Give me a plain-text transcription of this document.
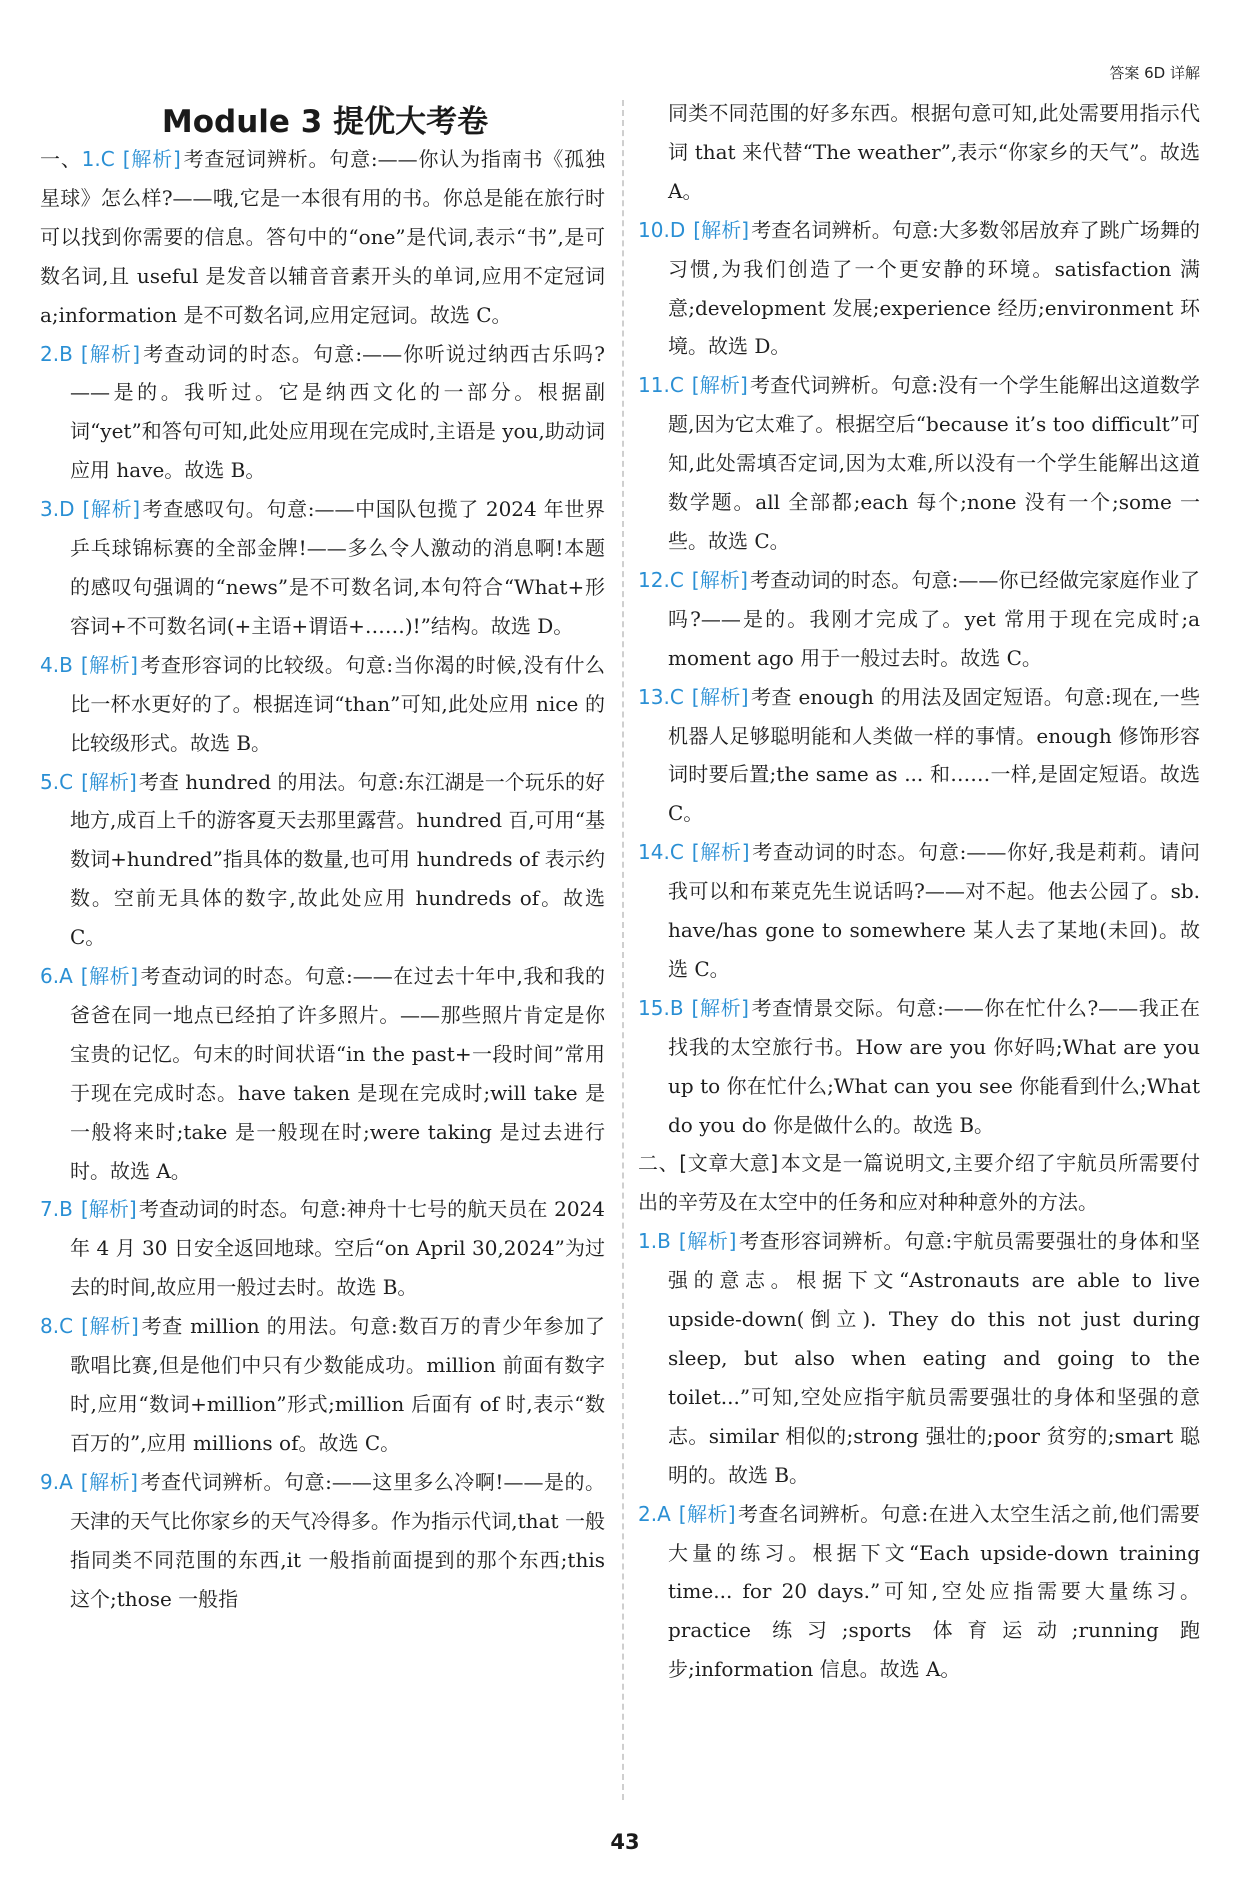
答案 6D 详解
Module 3 提优大考卷
一、1.C [解析] 考查冠词辨析。句意:——你认为指南书《孤独星球》怎么样?——哦,它是一本很有用的书。你总是能在旅行时可以找到你需要的信息。答句中的“one”是代词,表示“书”,是可数名词,且 useful 是发音以辅音音素开头的单词,应用不定冠词 a;information 是不可数名词,应用定冠词。故选 C。
2.B [解析] 考查动词的时态。句意:——你听说过纳西古乐吗?——是的。我听过。它是纳西文化的一部分。根据副词“yet”和答句可知,此处应用现在完成时,主语是 you,助动词应用 have。故选 B。
3.D [解析] 考查感叹句。句意:——中国队包揽了 2024 年世界乒乓球锦标赛的全部金牌!——多么令人激动的消息啊!本题的感叹句强调的“news”是不可数名词,本句符合“What+形容词+不可数名词(+主语+谓语+……)!”结构。故选 D。
4.B [解析] 考查形容词的比较级。句意:当你渴的时候,没有什么比一杯水更好的了。根据连词“than”可知,此处应用 nice 的比较级形式。故选 B。
5.C [解析] 考查 hundred 的用法。句意:东江湖是一个玩乐的好地方,成百上千的游客夏天去那里露营。hundred 百,可用“基数词+hundred”指具体的数量,也可用 hundreds of 表示约数。空前无具体的数字,故此处应用 hundreds of。故选 C。
6.A [解析] 考查动词的时态。句意:——在过去十年中,我和我的爸爸在同一地点已经拍了许多照片。——那些照片肯定是你宝贵的记忆。句末的时间状语“in the past+一段时间”常用于现在完成时态。have taken 是现在完成时;will take 是一般将来时;take 是一般现在时;were taking 是过去进行时。故选 A。
7.B [解析] 考查动词的时态。句意:神舟十七号的航天员在 2024 年 4 月 30 日安全返回地球。空后“on April 30,2024”为过去的时间,故应用一般过去时。故选 B。
8.C [解析] 考查 million 的用法。句意:数百万的青少年参加了歌唱比赛,但是他们中只有少数能成功。million 前面有数字时,应用“数词+million”形式;million 后面有 of 时,表示“数百万的”,应用 millions of。故选 C。
9.A [解析] 考查代词辨析。句意:——这里多么冷啊!——是的。天津的天气比你家乡的天气冷得多。作为指示代词,that 一般指同类不同范围的东西,it 一般指前面提到的那个东西;this 这个;those 一般指
同类不同范围的好多东西。根据句意可知,此处需要用指示代词 that 来代替“The weather”,表示“你家乡的天气”。故选 A。
10.D [解析] 考查名词辨析。句意:大多数邻居放弃了跳广场舞的习惯,为我们创造了一个更安静的环境。satisfaction 满意;development 发展;experience 经历;environment 环境。故选 D。
11.C [解析] 考查代词辨析。句意:没有一个学生能解出这道数学题,因为它太难了。根据空后“because it’s too difficult”可知,此处需填否定词,因为太难,所以没有一个学生能解出这道数学题。all 全部都;each 每个;none 没有一个;some 一些。故选 C。
12.C [解析] 考查动词的时态。句意:——你已经做完家庭作业了吗?——是的。我刚才完成了。yet 常用于现在完成时;a moment ago 用于一般过去时。故选 C。
13.C [解析] 考查 enough 的用法及固定短语。句意:现在,一些机器人足够聪明能和人类做一样的事情。enough 修饰形容词时要后置;the same as ... 和……一样,是固定短语。故选 C。
14.C [解析] 考查动词的时态。句意:——你好,我是莉莉。请问我可以和布莱克先生说话吗?——对不起。他去公园了。sb. have/has gone to somewhere 某人去了某地(未回)。故选 C。
15.B [解析] 考查情景交际。句意:——你在忙什么?——我正在找我的太空旅行书。How are you 你好吗;What are you up to 你在忙什么;What can you see 你能看到什么;What do you do 你是做什么的。故选 B。
二、[文章大意] 本文是一篇说明文,主要介绍了宇航员所需要付出的辛劳及在太空中的任务和应对种种意外的方法。
1.B [解析] 考查形容词辨析。句意:宇航员需要强壮的身体和坚强的意志。根据下文“Astronauts are able to live upside-down(倒立). They do this not just during sleep, but also when eating and going to the toilet...”可知,空处应指宇航员需要强壮的身体和坚强的意志。similar 相似的;strong 强壮的;poor 贫穷的;smart 聪明的。故选 B。
2.A [解析] 考查名词辨析。句意:在进入太空生活之前,他们需要大量的练习。根据下文“Each upside-down training time... for 20 days.”可知,空处应指需要大量练习。practice 练习;sports 体育运动;running 跑步;information 信息。故选 A。
43
